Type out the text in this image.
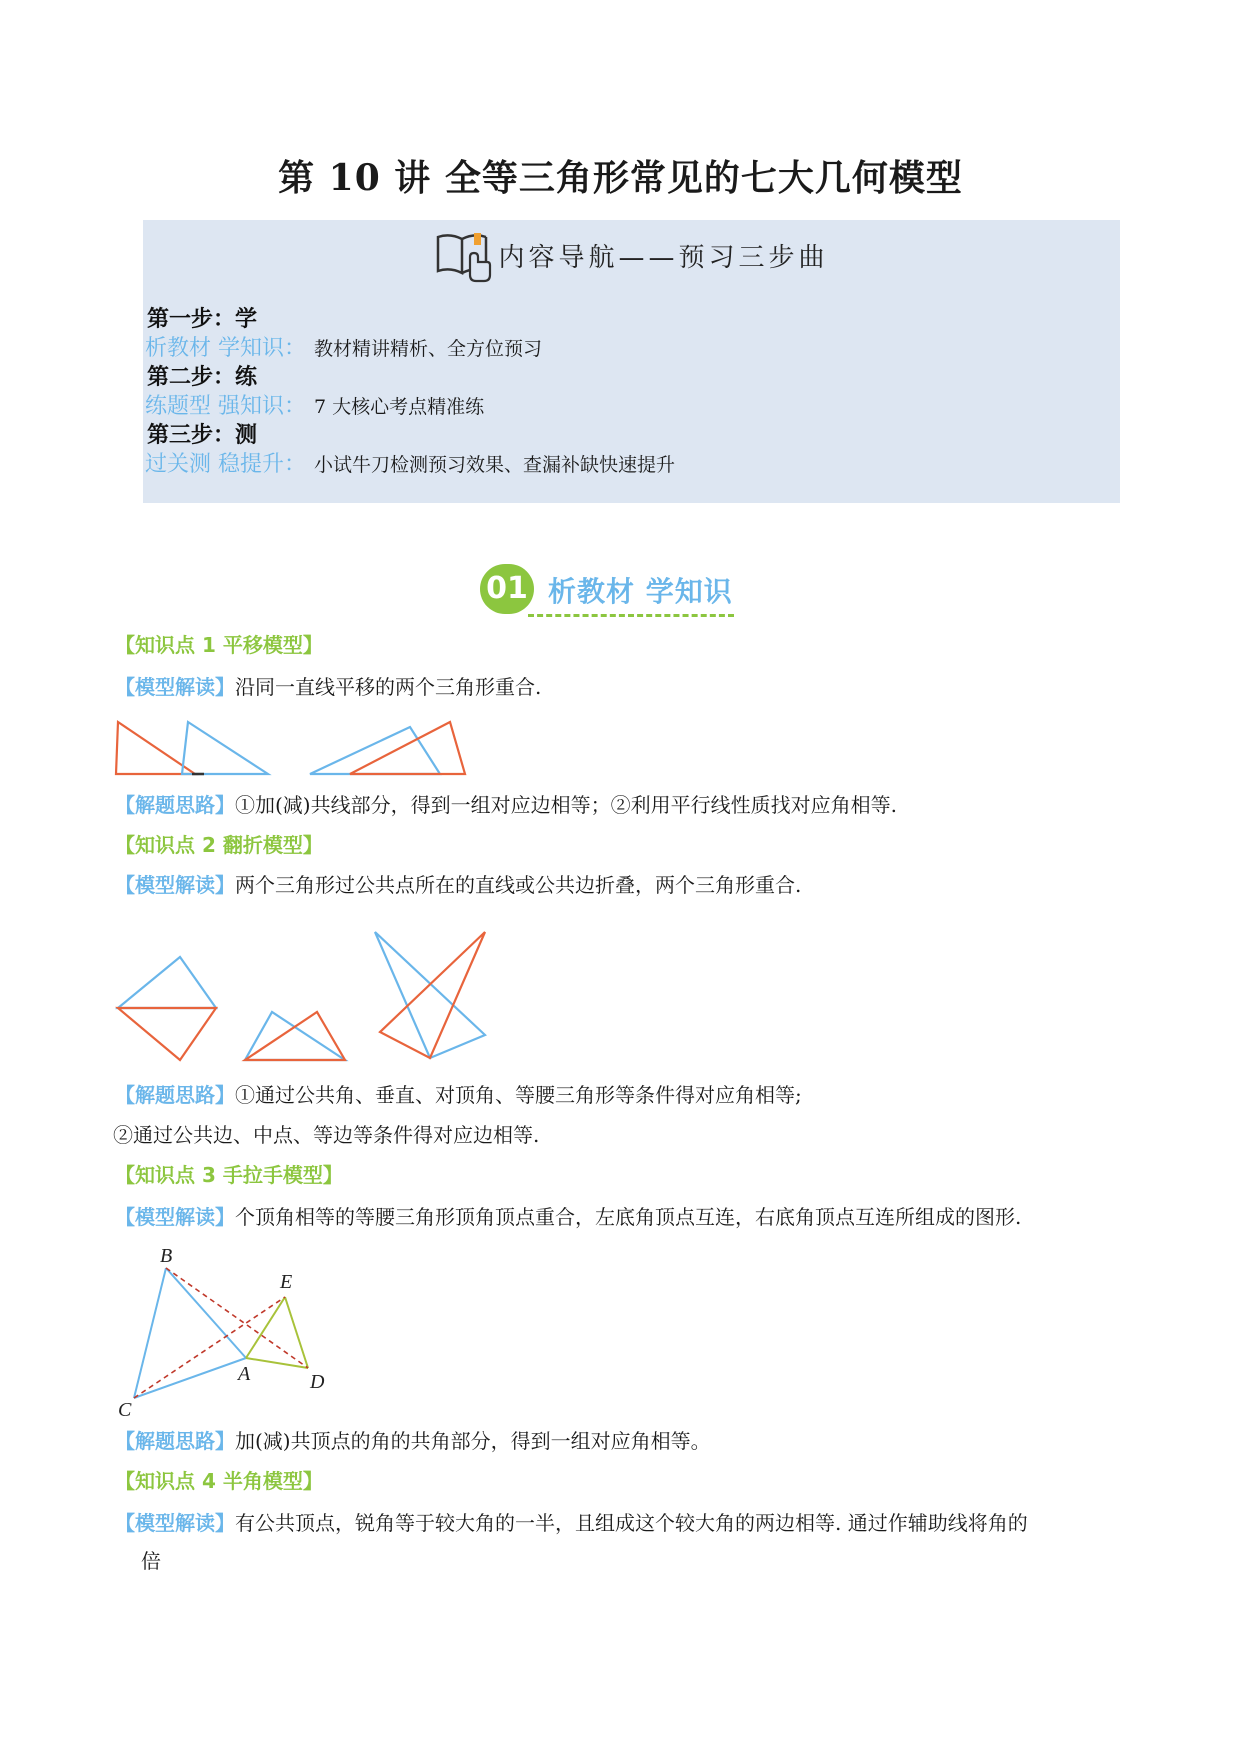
第 10 讲 全等三角形常见的七大几何模型
内容导航——预习三步曲
第一步：学
析教材 学知识： 教材精讲精析、全方位预习
第二步：练
练题型 强知识： 7 大核心考点精准练
第三步：测
过关测 稳提升： 小试牛刀检测预习效果、查漏补缺快速提升
01 析教材 学知识
【知识点 1 平移模型】
【模型解读】沿同一直线平移的两个三角形重合.
【解题思路】①加(减)共线部分，得到一组对应边相等；②利用平行线性质找对应角相等.
【知识点 2 翻折模型】
【模型解读】两个三角形过公共点所在的直线或公共边折叠，两个三角形重合.
【解题思路】①通过公共角、垂直、对顶角、等腰三角形等条件得对应角相等;
②通过公共边、中点、等边等条件得对应边相等.
【知识点 3 手拉手模型】
【模型解读】个顶角相等的等腰三角形顶角顶点重合，左底角顶点互连，右底角顶点互连所组成的图形.
B
E
A	D
C
【解题思路】加(减)共顶点的角的共角部分，得到一组对应角相等。
【知识点 4 半角模型】
【模型解读】有公共顶点，锐角等于较大角的一半，且组成这个较大角的两边相等. 通过作辅助线将角的
倍
